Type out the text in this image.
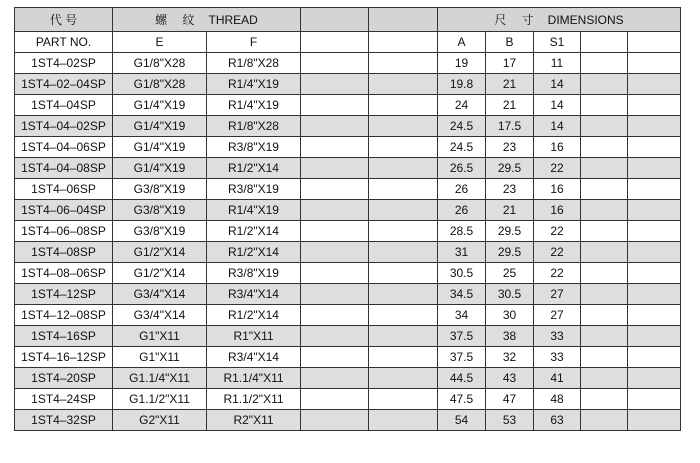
代 号	螺 纹 THREAD				尺 寸 DIMENSIONS				
PART NO.	E	F			A	B	S1		
1ST4–02SP	G1/8"X28	R1/8"X28			19	17	11		
1ST4–02–04SP	G1/8"X28	R1/4"X19			19.8	21	14		
1ST4–04SP	G1/4"X19	R1/4"X19			24	21	14		
1ST4–04–02SP	G1/4"X19	R1/8"X28			24.5	17.5	14		
1ST4–04–06SP	G1/4"X19	R3/8"X19			24.5	23	16		
1ST4–04–08SP	G1/4"X19	R1/2"X14			26.5	29.5	22		
1ST4–06SP	G3/8"X19	R3/8"X19			26	23	16		
1ST4–06–04SP	G3/8"X19	R1/4"X19			26	21	16		
1ST4–06–08SP	G3/8"X19	R1/2"X14			28.5	29.5	22		
1ST4–08SP	G1/2"X14	R1/2"X14			31	29.5	22		
1ST4–08–06SP	G1/2"X14	R3/8"X19			30.5	25	22		
1ST4–12SP	G3/4"X14	R3/4"X14			34.5	30.5	27		
1ST4–12–08SP	G3/4"X14	R1/2"X14			34	30	27		
1ST4–16SP	G1"X11	R1"X11			37.5	38	33		
1ST4–16–12SP	G1"X11	R3/4"X14			37.5	32	33		
1ST4–20SP	G1.1/4"X11	R1.1/4"X11			44.5	43	41		
1ST4–24SP	G1.1/2"X11	R1.1/2"X11			47.5	47	48		
1ST4–32SP	G2"X11	R2"X11			54	53	63		
